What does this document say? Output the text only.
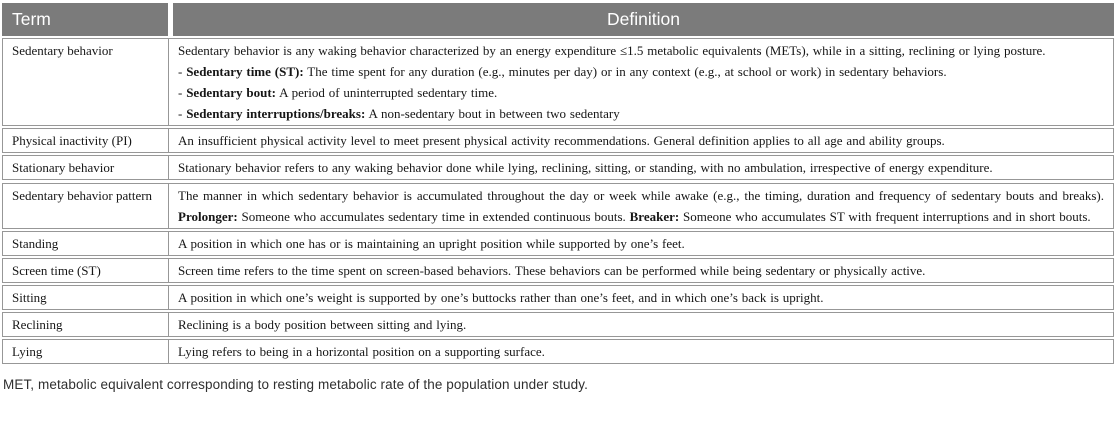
Term	Definition
Sedentary behavior	Sedentary behavior is any waking behavior characterized by an energy expenditure ≤1.5 metabolic equivalents (METs), while in a sitting, reclining or lying posture.
- Sedentary time (ST): The time spent for any duration (e.g., minutes per day) or in any context (e.g., at school or work) in sedentary behaviors.
- Sedentary bout: A period of uninterrupted sedentary time.
- Sedentary interruptions/breaks: A non-sedentary bout in between two sedentary
Physical inactivity (PI)	An insufficient physical activity level to meet present physical activity recommendations. General definition applies to all age and ability groups.
Stationary behavior	Stationary behavior refers to any waking behavior done while lying, reclining, sitting, or standing, with no ambulation, irrespective of energy expenditure.
Sedentary behavior pattern	The manner in which sedentary behavior is accumulated throughout the day or week while awake (e.g., the timing, duration and frequency of sedentary bouts and breaks). Prolonger: Someone who accumulates sedentary time in extended continuous bouts. Breaker: Someone who accumulates ST with frequent interruptions and in short bouts.
Standing	A position in which one has or is maintaining an upright position while supported by one’s feet.
Screen time (ST)	Screen time refers to the time spent on screen-based behaviors. These behaviors can be performed while being sedentary or physically active.
Sitting	A position in which one’s weight is supported by one’s buttocks rather than one’s feet, and in which one’s back is upright.
Reclining	Reclining is a body position between sitting and lying.
Lying	Lying refers to being in a horizontal position on a supporting surface.
MET, metabolic equivalent corresponding to resting metabolic rate of the population under study.
